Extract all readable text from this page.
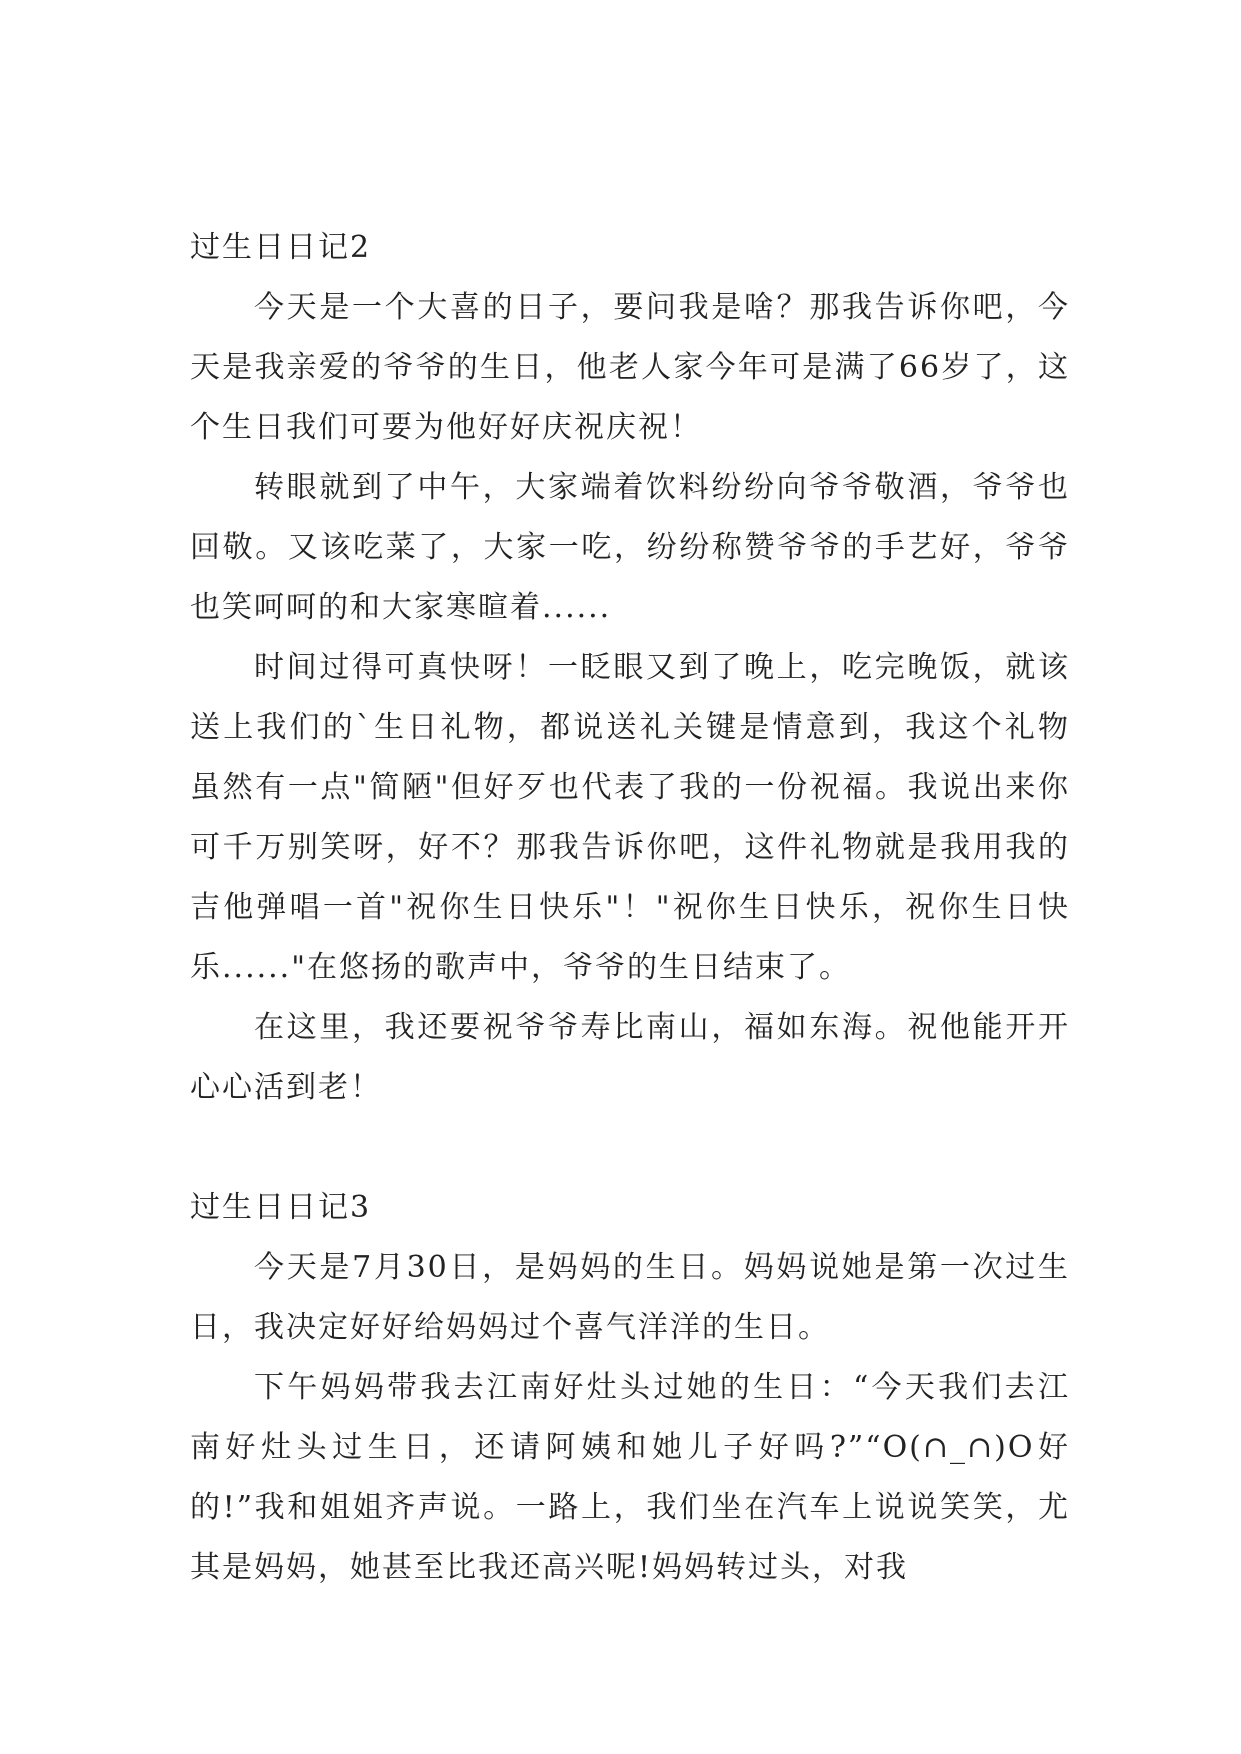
过生日日记2

今天是一个大喜的日子，要问我是啥？那我告诉你吧，今天是我亲爱的爷爷的生日，他老人家今年可是满了66岁了，这个生日我们可要为他好好庆祝庆祝！

转眼就到了中午，大家端着饮料纷纷向爷爷敬酒，爷爷也回敬。又该吃菜了，大家一吃，纷纷称赞爷爷的手艺好，爷爷也笑呵呵的和大家寒暄着......

时间过得可真快呀！一眨眼又到了晚上，吃完晚饭，就该送上我们的`生日礼物，都说送礼关键是情意到，我这个礼物虽然有一点"简陋"但好歹也代表了我的一份祝福。我说出来你可千万别笑呀，好不？那我告诉你吧，这件礼物就是我用我的吉他弹唱一首"祝你生日快乐"！"祝你生日快乐，祝你生日快乐......"在悠扬的歌声中，爷爷的生日结束了。

在这里，我还要祝爷爷寿比南山，福如东海。祝他能开开心心活到老！

过生日日记3

今天是7月30日，是妈妈的生日。妈妈说她是第一次过生日，我决定好好给妈妈过个喜气洋洋的生日。

下午妈妈带我去江南好灶头过她的生日：“今天我们去江南好灶头过生日，还请阿姨和她儿子好吗?”“O(∩_∩)O好的!”我和姐姐齐声说。一路上，我们坐在汽车上说说笑笑，尤其是妈妈，她甚至比我还高兴呢!妈妈转过头，对我
